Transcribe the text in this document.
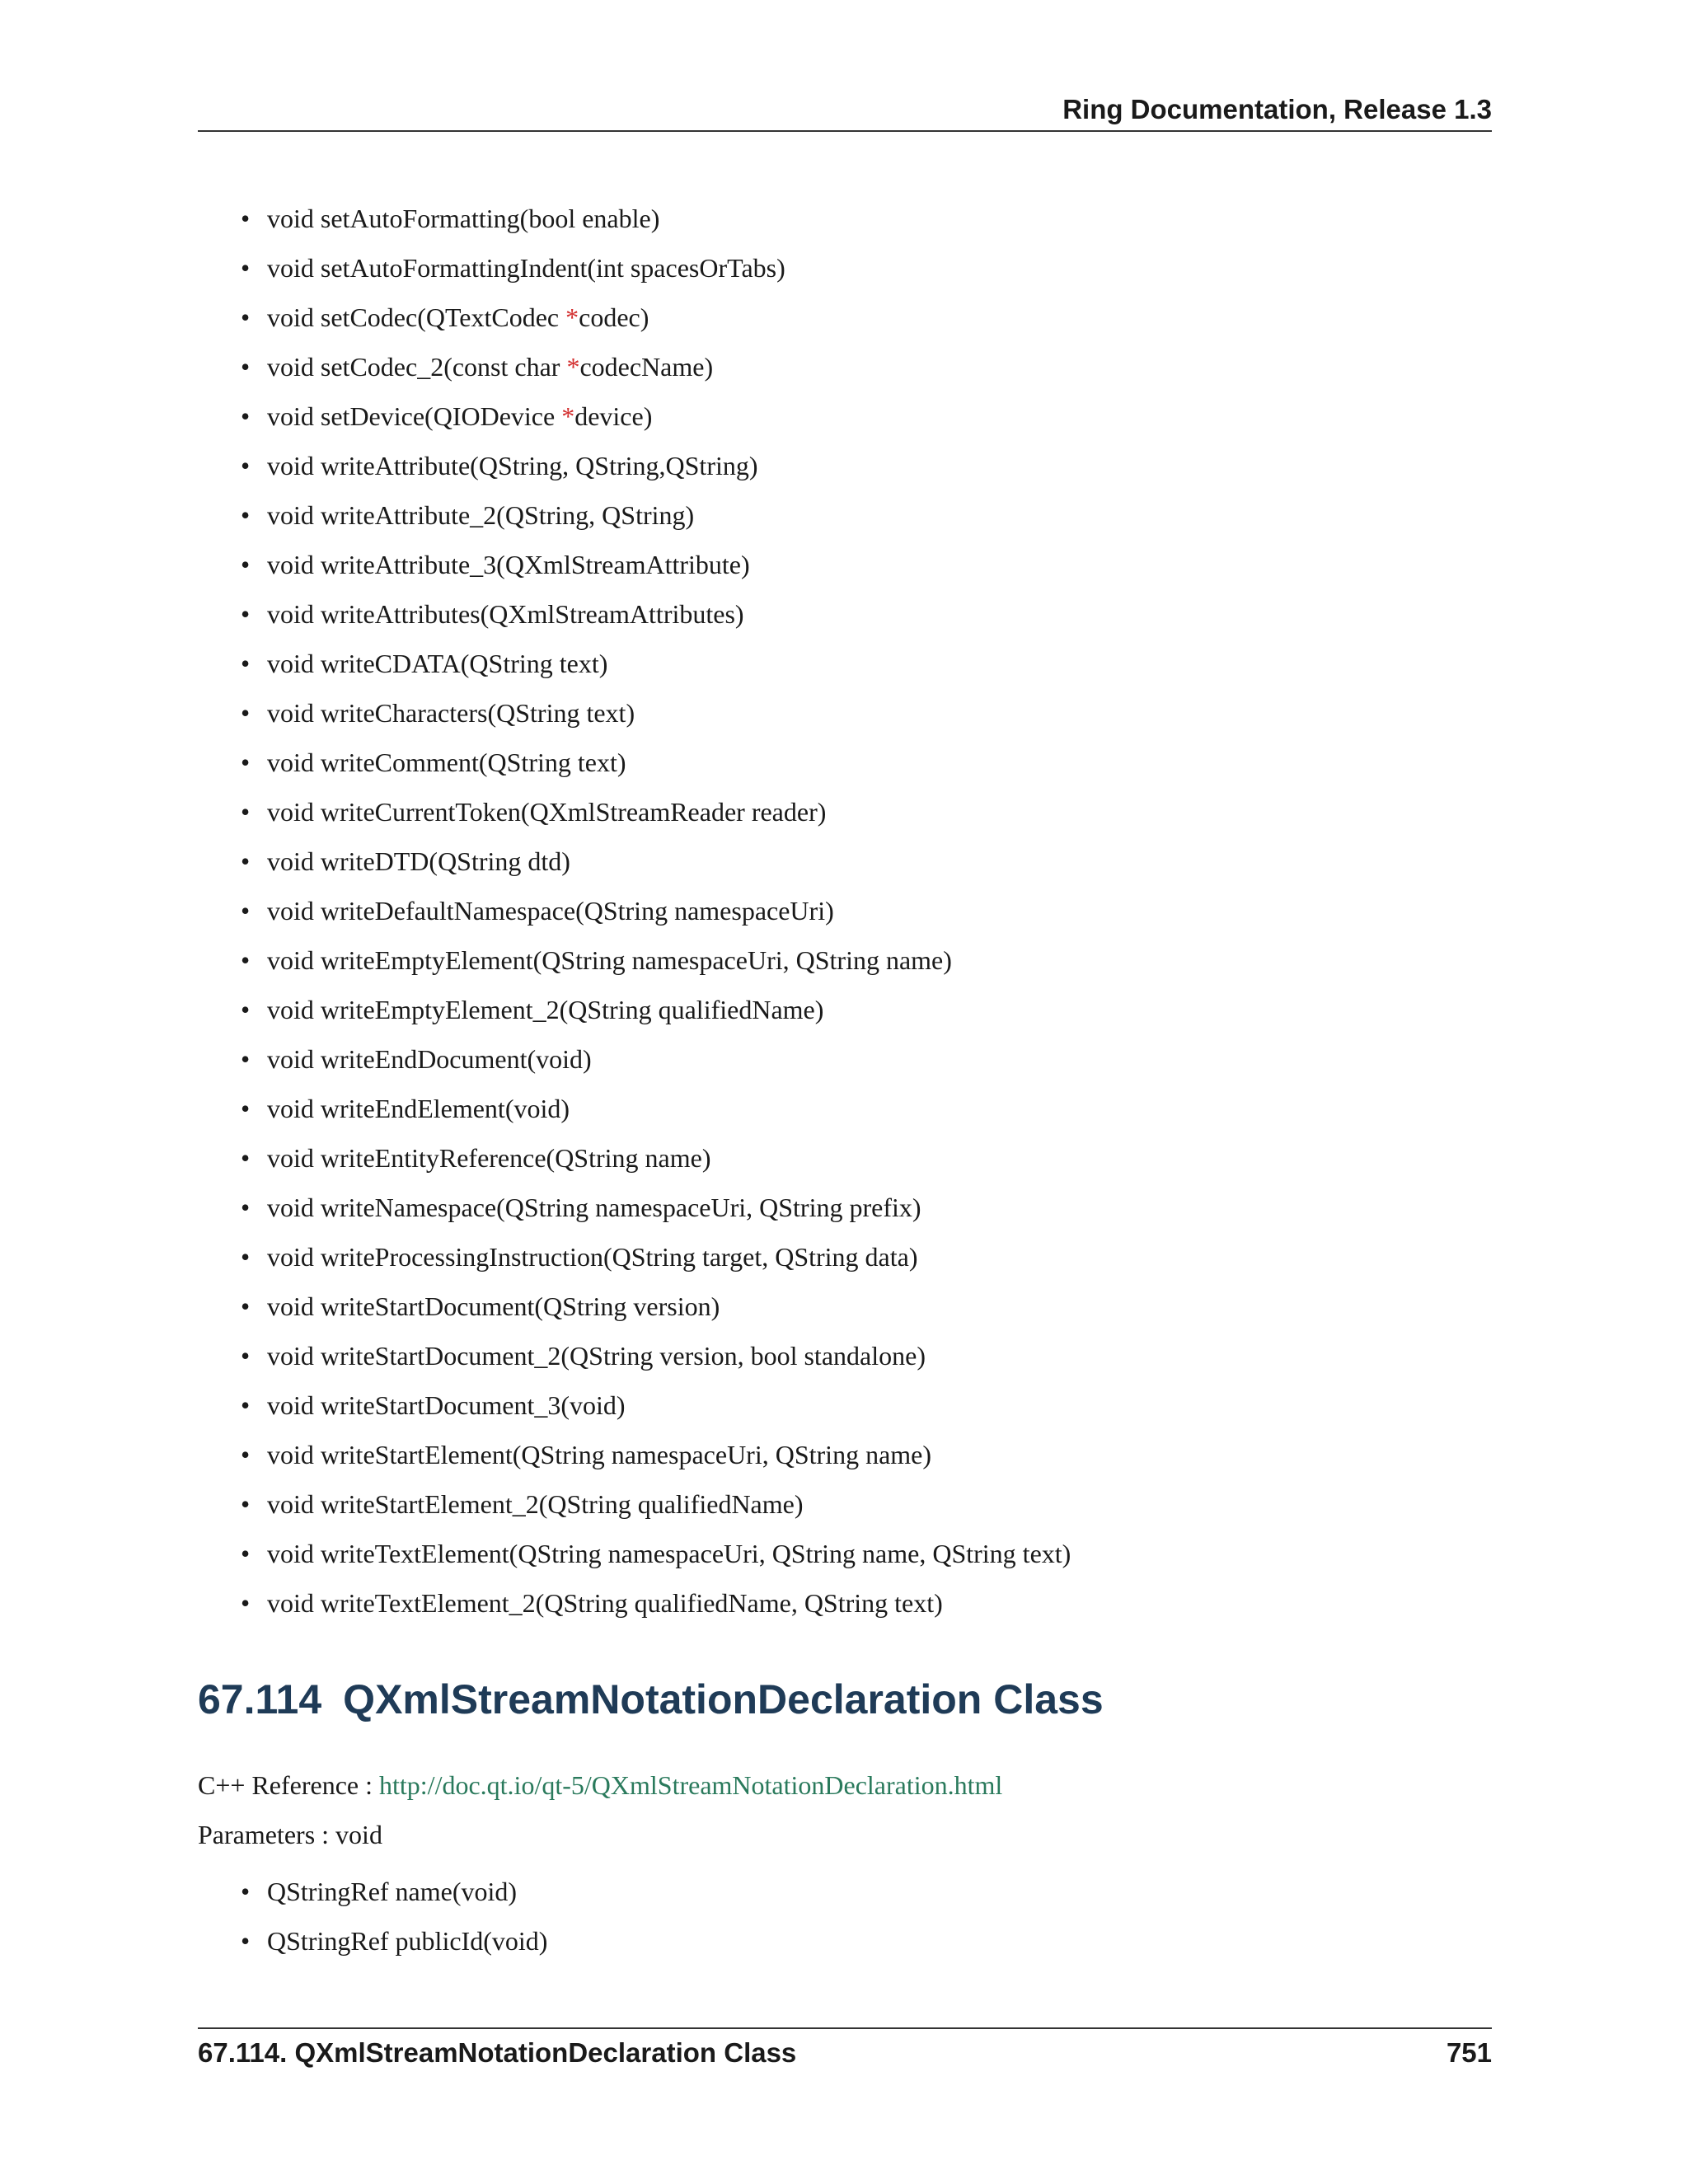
Ring Documentation, Release 1.3
• void setAutoFormatting(bool enable)
• void setAutoFormattingIndent(int spacesOrTabs)
• void setCodec(QTextCodec *codec)
• void setCodec_2(const char *codecName)
• void setDevice(QIODevice *device)
• void writeAttribute(QString, QString,QString)
• void writeAttribute_2(QString, QString)
• void writeAttribute_3(QXmlStreamAttribute)
• void writeAttributes(QXmlStreamAttributes)
• void writeCDATA(QString text)
• void writeCharacters(QString text)
• void writeComment(QString text)
• void writeCurrentToken(QXmlStreamReader reader)
• void writeDTD(QString dtd)
• void writeDefaultNamespace(QString namespaceUri)
• void writeEmptyElement(QString namespaceUri, QString name)
• void writeEmptyElement_2(QString qualifiedName)
• void writeEndDocument(void)
• void writeEndElement(void)
• void writeEntityReference(QString name)
• void writeNamespace(QString namespaceUri, QString prefix)
• void writeProcessingInstruction(QString target, QString data)
• void writeStartDocument(QString version)
• void writeStartDocument_2(QString version, bool standalone)
• void writeStartDocument_3(void)
• void writeStartElement(QString namespaceUri, QString name)
• void writeStartElement_2(QString qualifiedName)
• void writeTextElement(QString namespaceUri, QString name, QString text)
• void writeTextElement_2(QString qualifiedName, QString text)
67.114 QXmlStreamNotationDeclaration Class
C++ Reference : http://doc.qt.io/qt-5/QXmlStreamNotationDeclaration.html
Parameters : void
• QStringRef name(void)
• QStringRef publicId(void)
67.114. QXmlStreamNotationDeclaration Class	751
